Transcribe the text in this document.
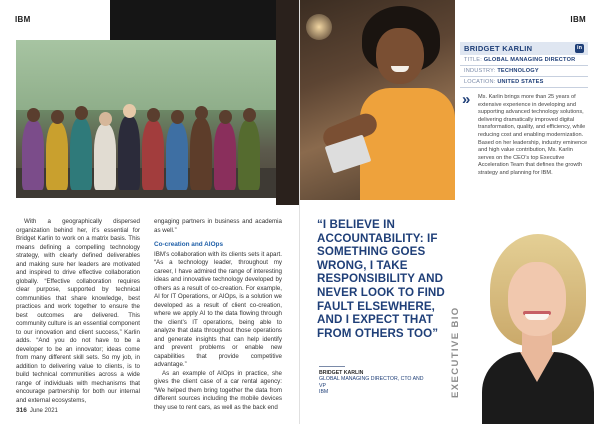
IBM

With a geographically dispersed organization behind her, it’s essential for Bridget Karlin to work on a matrix basis. This means defining a compelling technology strategy, with clearly defined deliverables and making sure her leaders are motivated and inspired to drive effective collaboration globally. “Effective collaboration requires clear purpose, supported by technical communities that share knowledge, best practices and work together to ensure the best outcomes are delivered. This community culture is an essential component to our innovation and client success,” Karlin adds. “And you do not have to be a developer to be an innovator; ideas come from many different skill sets. So my job, in addition to delivering value to clients, is to build technical communities across a wide range of individuals with mechanisms that encourage partnership for both our internal and external ecosystems,

engaging partners in business and academia as well.”

Co-creation and AIOps

IBM’s collaboration with its clients sets it apart. “As a technology leader, throughout my career, I have admired the range of interesting ideas and innovative technology developed by others as a result of co-creation. For example, AI for IT Operations, or AIOps, is a solution we developed as a result of client co-creation, where we apply AI to the data flowing through the client’s IT operations, being able to analyze that data throughout those operations and generate insights that can help identify and prevent problems or enable new capabilities that provide competitive advantage.”

As an example of AIOps in practice, she gives the client case of a car rental agency: “We helped them bring together the data from different sources including the mobile devices they use to rent cars, as well as the back end

316 June 2021
IBM
BRIDGET KARLIN	in
TITLE: GLOBAL MANAGING DIRECTOR
INDUSTRY: TECHNOLOGY
LOCATION: UNITED STATES
»	Ms. Karlin brings more than 25 years of extensive experience in developing and supporting advanced technology solutions, delivering dramatically improved digital transformation, quality, and efficiency, while reducing cost and enabling modernization. Based on her leadership, industry eminence and high value contribution, Ms. Karlin serves on the CEO’s top Executive Acceleration Team that defines the growth strategy and planning for IBM.
“I BELIEVE IN ACCOUNTABILITY: IF SOMETHING GOES WRONG, I TAKE RESPONSIBILITY AND NEVER LOOK TO FIND FAULT ELSEWHERE, AND I EXPECT THAT FROM OTHERS TOO”
BRIDGET KARLIN
GLOBAL MANAGING DIRECTOR, CTO AND VP
IBM	EXECUTIVE BIO
